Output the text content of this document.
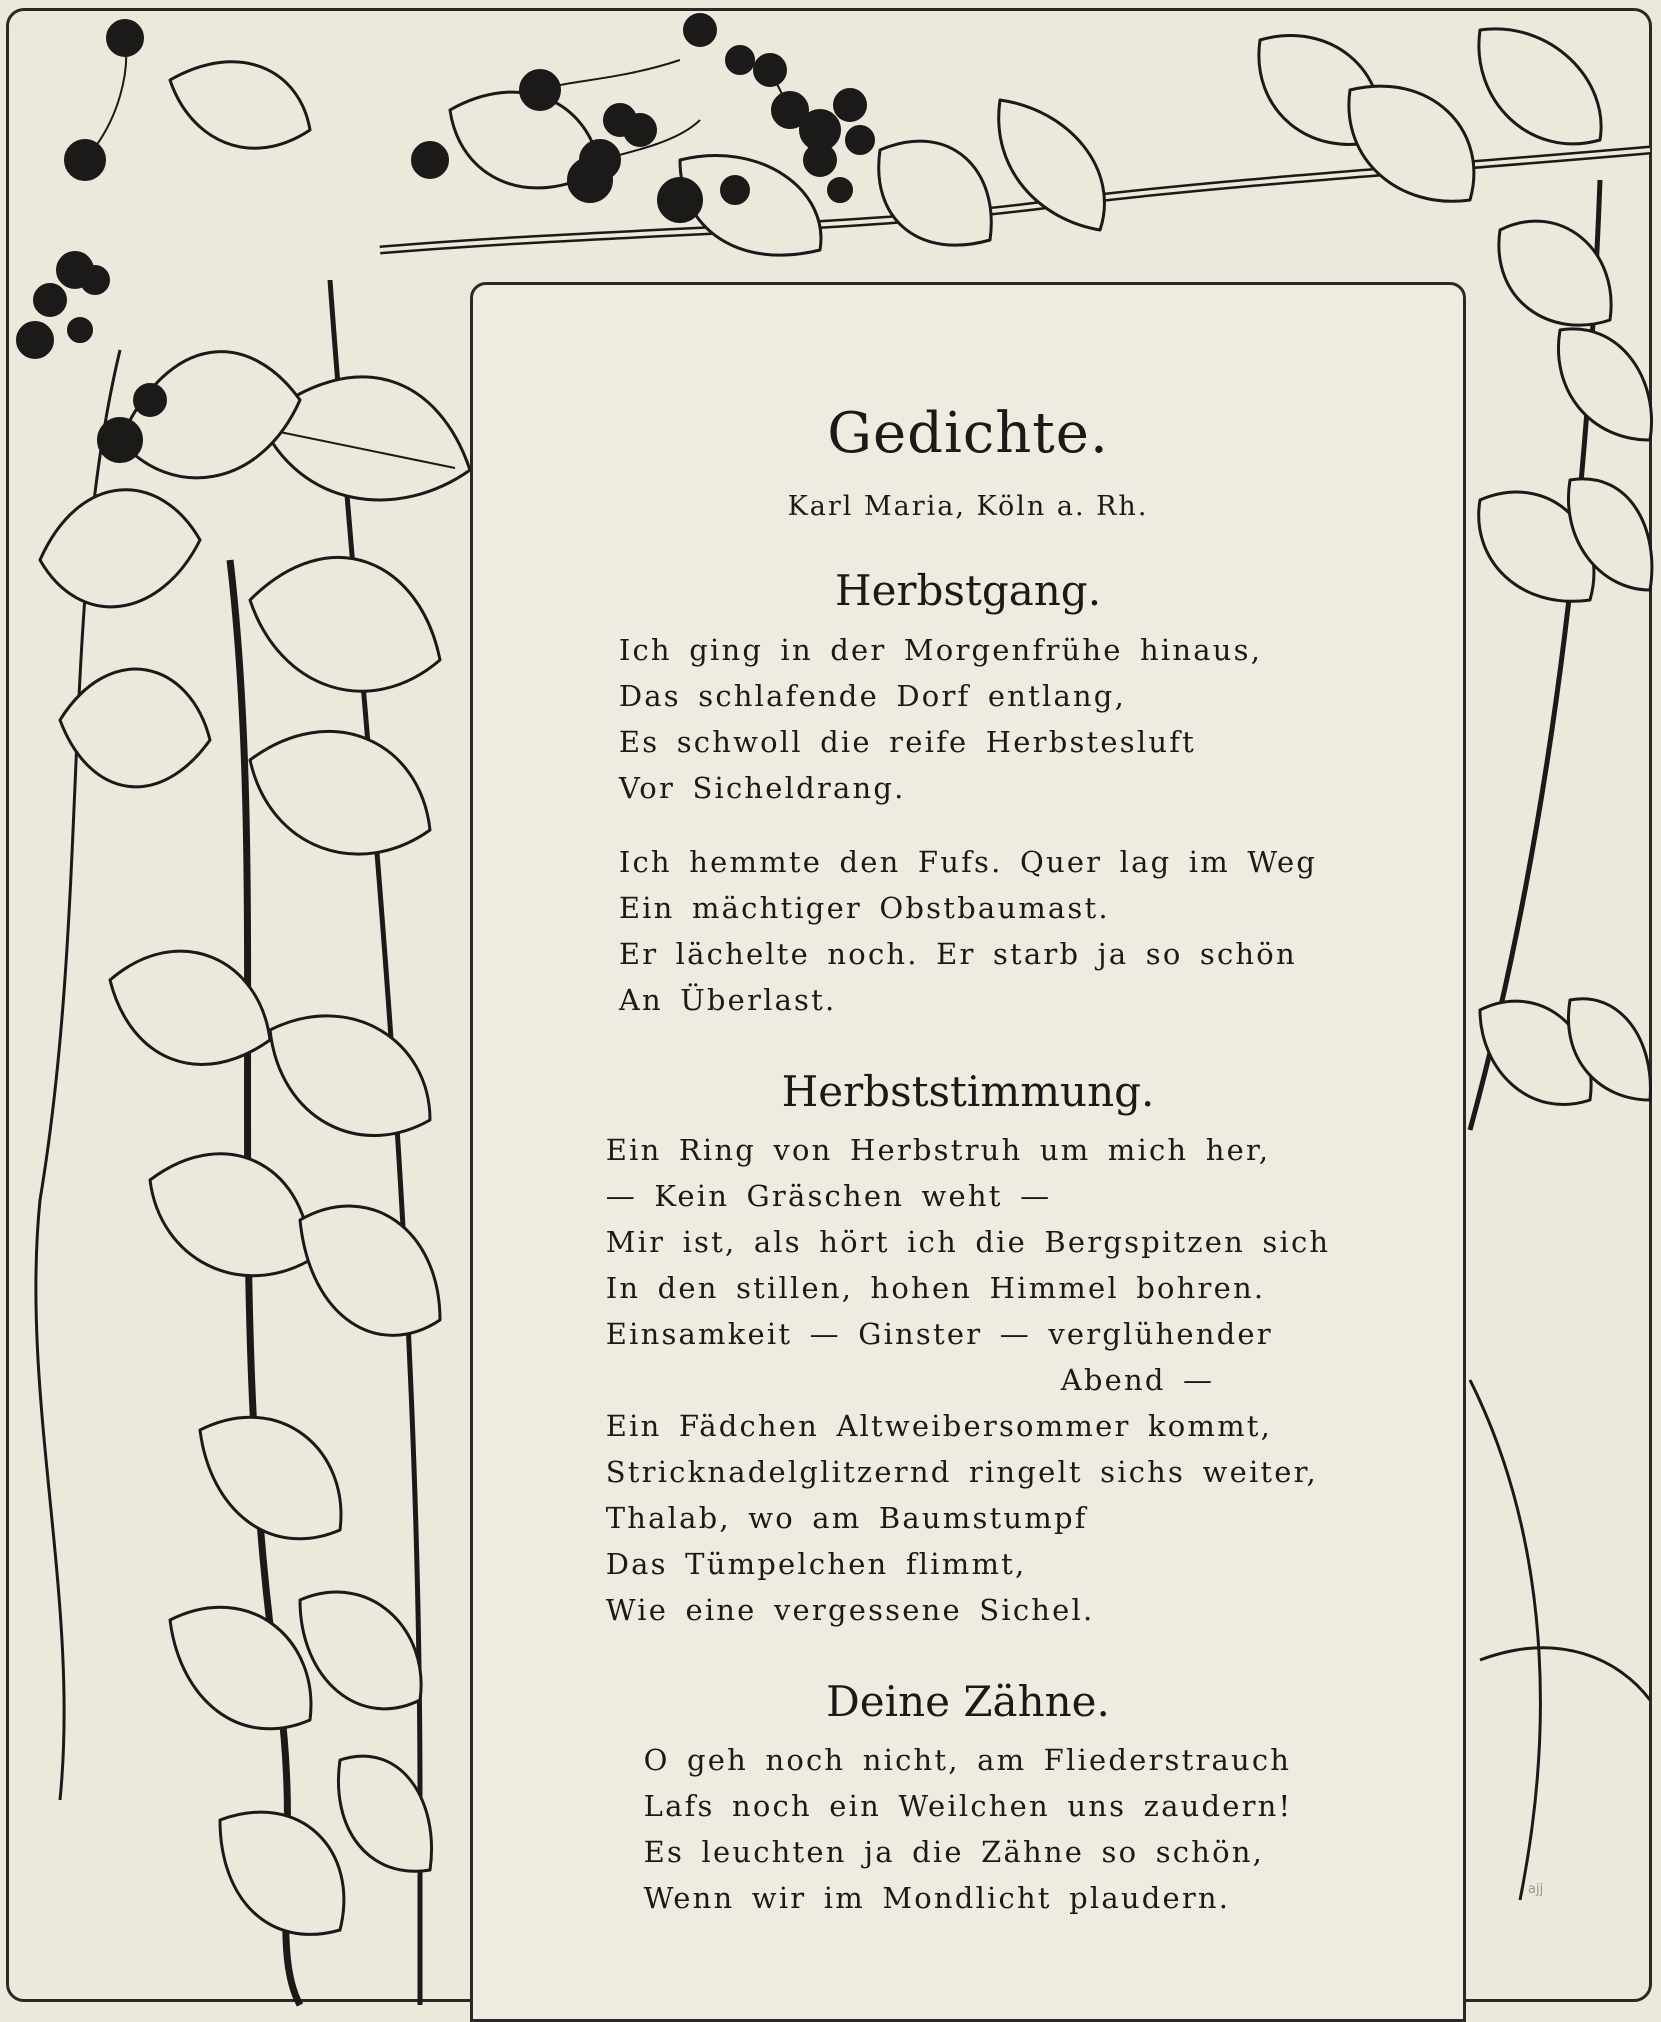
Gedichte.
Karl Maria, Köln a. Rh.
Herbstgang.
Ich ging in der Morgenfrühe hinaus,
Das schlafende Dorf entlang,
Es schwoll die reife Herbstesluft
Vor Sicheldrang.
Ich hemmte den Fufs. Quer lag im Weg
Ein mächtiger Obstbaumast.
Er lächelte noch. Er starb ja so schön
An Überlast.
Herbststimmung.
Ein Ring von Herbstruh um mich her,
— Kein Gräschen weht —
Mir ist, als hört ich die Bergspitzen sich
In den stillen, hohen Himmel bohren.
Einsamkeit — Ginster — verglühender
Abend —
Ein Fädchen Altweibersommer kommt,
Stricknadelglitzernd ringelt sichs weiter,
Thalab, wo am Baumstumpf
Das Tümpelchen flimmt,
Wie eine vergessene Sichel.
Deine Zähne.
O geh noch nicht, am Fliederstrauch
Lafs noch ein Weilchen uns zaudern!
Es leuchten ja die Zähne so schön,
Wenn wir im Mondlicht plaudern.	ajj
